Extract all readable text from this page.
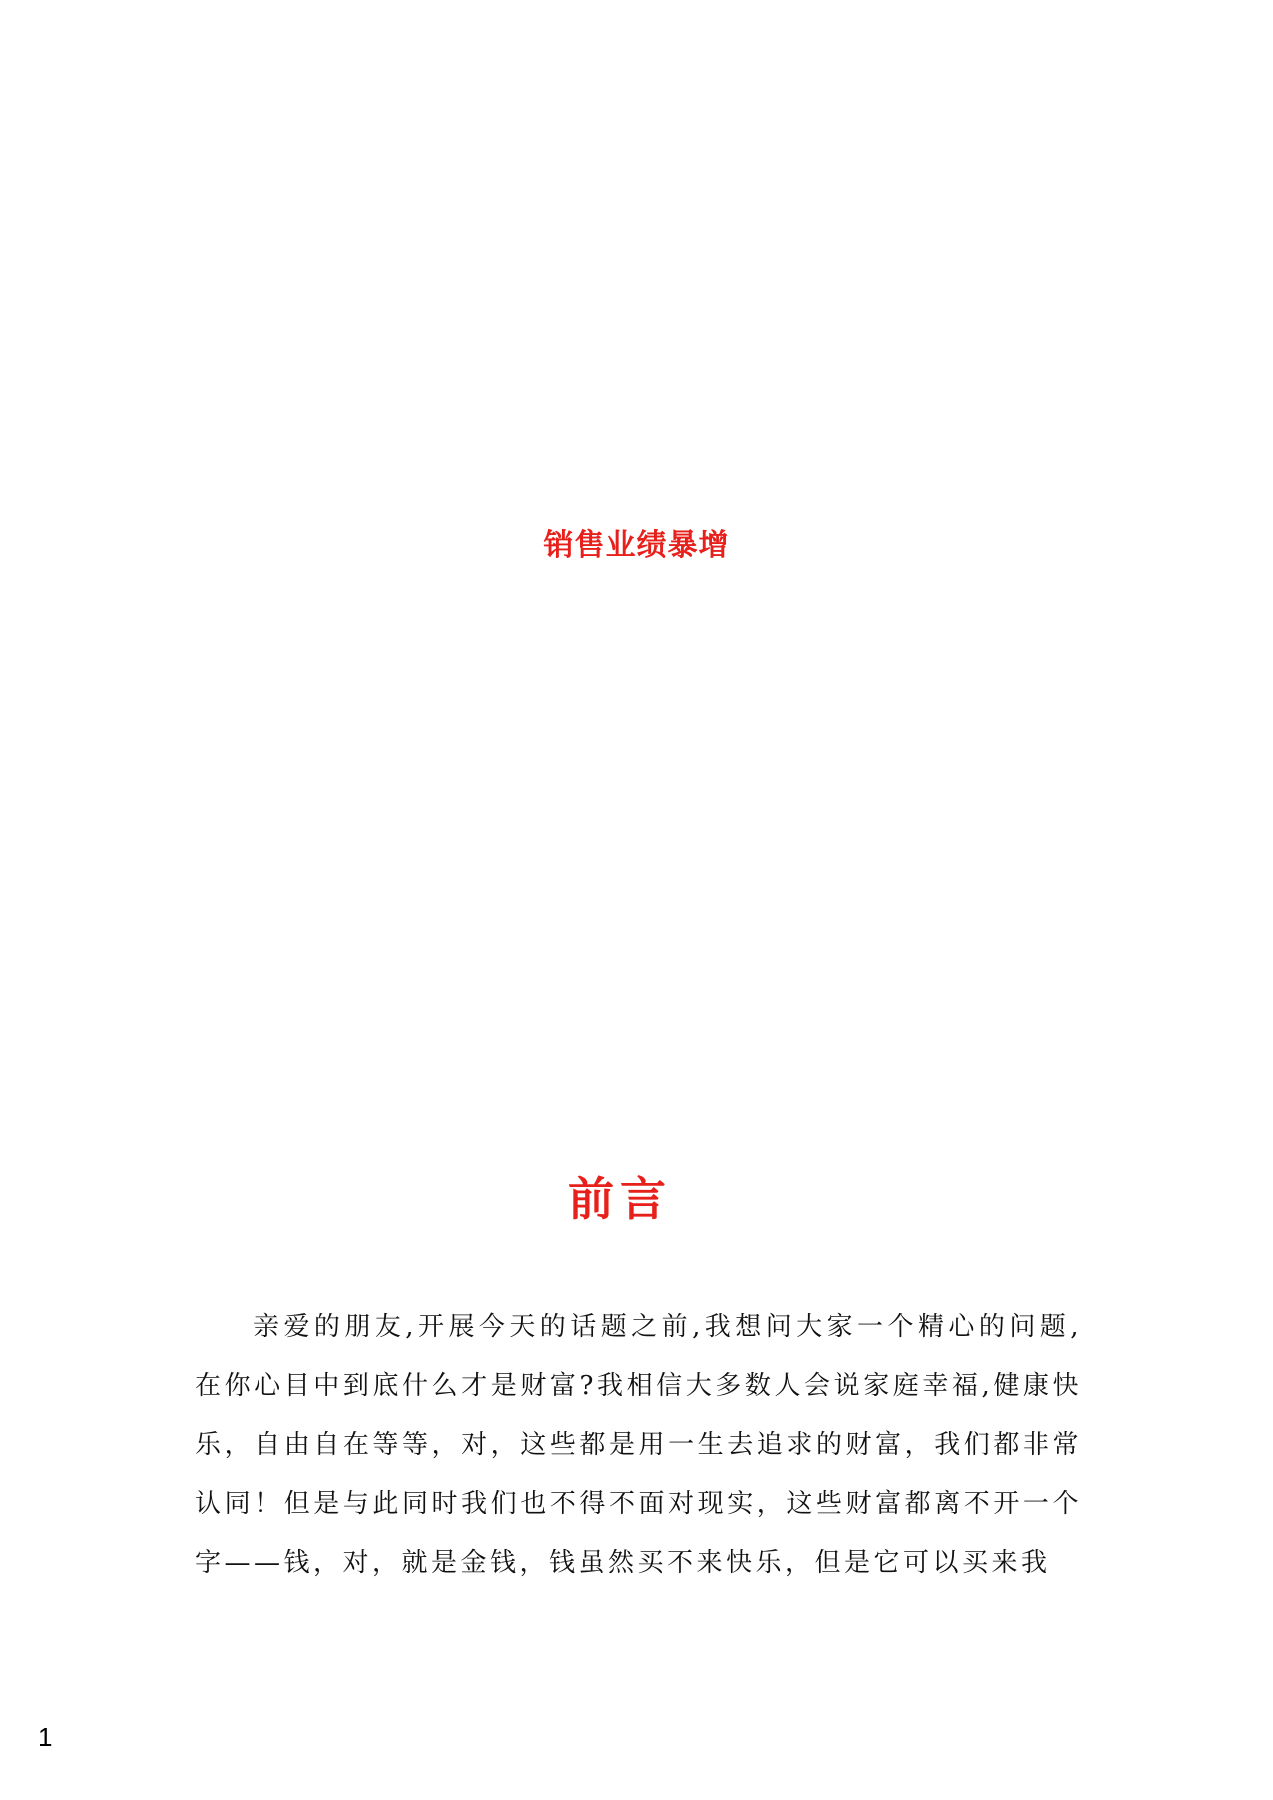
销售业绩暴增
前言

亲爱的朋友,开展今天的话题之前,我想问大家一个精心的问题,在你心目中到底什么才是财富?我相信大多数人会说家庭幸福,健康快乐，自由自在等等，对，这些都是用一生去追求的财富，我们都非常认同！但是与此同时我们也不得不面对现实，这些财富都离不开一个字——钱，对，就是金钱，钱虽然买不来快乐，但是它可以买来我

1
